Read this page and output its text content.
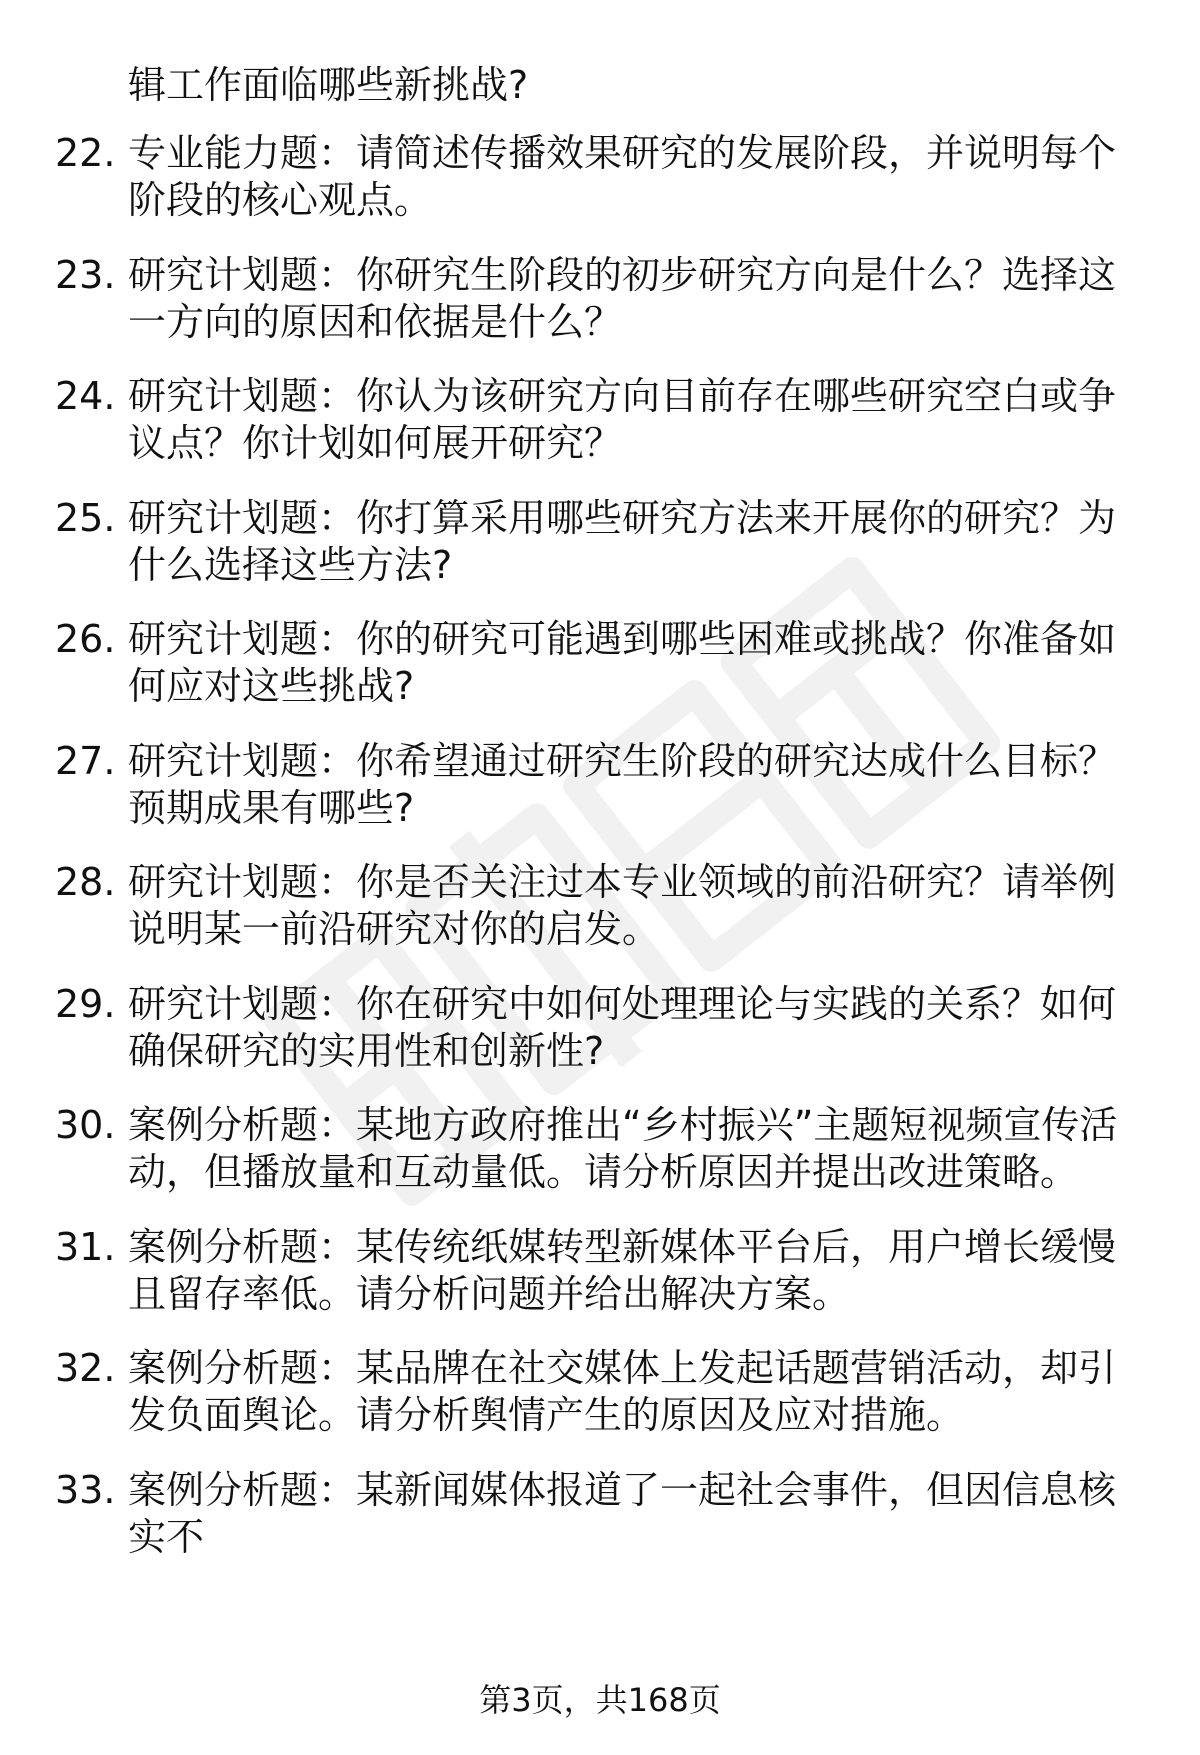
辑工作面临哪些新挑战?
22. 专业能力题：请简述传播效果研究的发展阶段，并说明每个阶段的核心观点。
23. 研究计划题：你研究生阶段的初步研究方向是什么？选择这一方向的原因和依据是什么？
24. 研究计划题：你认为该研究方向目前存在哪些研究空白或争议点？你计划如何展开研究？
25. 研究计划题：你打算采用哪些研究方法来开展你的研究？为什么选择这些方法?
26. 研究计划题：你的研究可能遇到哪些困难或挑战？你准备如何应对这些挑战?
27. 研究计划题：你希望通过研究生阶段的研究达成什么目标？预期成果有哪些?
28. 研究计划题：你是否关注过本专业领域的前沿研究？请举例说明某一前沿研究对你的启发。
29. 研究计划题：你在研究中如何处理理论与实践的关系？如何确保研究的实用性和创新性?
30. 案例分析题：某地方政府推出“乡村振兴”主题短视频宣传活动，但播放量和互动量低。请分析原因并提出改进策略。
31. 案例分析题：某传统纸媒转型新媒体平台后，用户增长缓慢且留存率低。请分析问题并给出解决方案。
32. 案例分析题：某品牌在社交媒体上发起话题营销活动，却引发负面舆论。请分析舆情产生的原因及应对措施。
33. 案例分析题：某新闻媒体报道了一起社会事件，但因信息核实不
第3页，共168页
